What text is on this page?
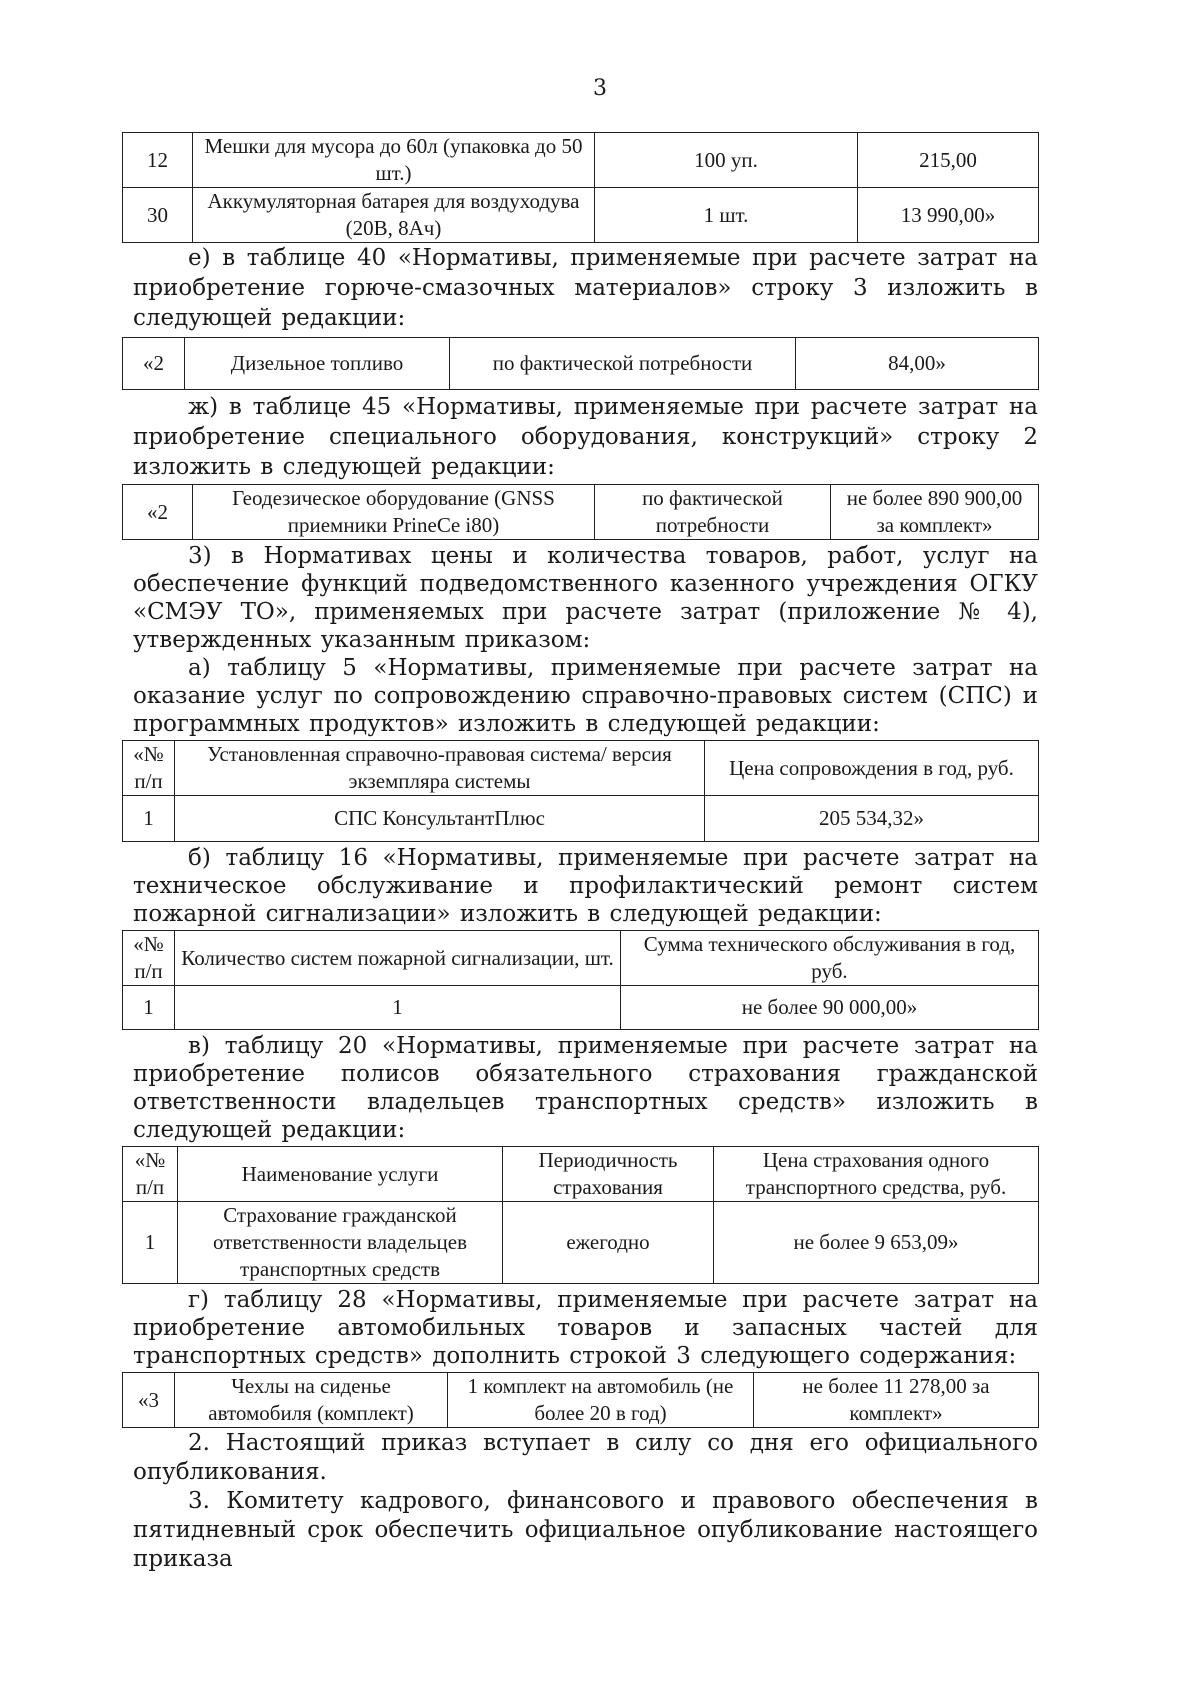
3
12	Мешки для мусора до 60л (упаковка до 50 шт.)	100 уп.	215,00
30	Аккумуляторная батарея для воздуходува (20В, 8Ач)	1 шт.	13 990,00»

е) в таблице 40 «Нормативы, применяемые при расчете затрат на приобретение горюче-смазочных материалов» строку 3 изложить в следующей редакции:

«2	Дизельное топливо	по фактической потребности	84,00»

ж) в таблице 45 «Нормативы, применяемые при расчете затрат на приобретение специального оборудования, конструкций» строку 2 изложить в следующей редакции:

«2	Геодезическое оборудование (GNSS приемники PrineCe i80)	по фактической потребности	не более 890 900,00 за комплект»

3) в Нормативах цены и количества товаров, работ, услуг на обеспечение функций подведомственного казенного учреждения ОГКУ «СМЭУ ТО», применяемых при расчете затрат (приложение № 4), утвержденных указанным приказом:

а) таблицу 5 «Нормативы, применяемые при расчете затрат на оказание услуг по сопровождению справочно-правовых систем (СПС) и программных продуктов» изложить в следующей редакции:

«№ п/п	Установленная справочно-правовая система/ версия экземпляра системы	Цена сопровождения в год, руб.
1	СПС КонсультантПлюс	205 534,32»

б) таблицу 16 «Нормативы, применяемые при расчете затрат на техническое обслуживание и профилактический ремонт систем пожарной сигнализации» изложить в следующей редакции:

«№ п/п	Количество систем пожарной сигнализации, шт.	Сумма технического обслуживания в год, руб.
1	1	не более 90 000,00»

в) таблицу 20 «Нормативы, применяемые при расчете затрат на приобретение полисов обязательного страхования гражданской ответственности владельцев транспортных средств» изложить в следующей редакции:

«№ п/п	Наименование услуги	Периодичность страхования	Цена страхования одного транспортного средства, руб.
1	Страхование гражданской ответственности владельцев транспортных средств	ежегодно	не более 9 653,09»

г) таблицу 28 «Нормативы, применяемые при расчете затрат на приобретение автомобильных товаров и запасных частей для транспортных средств» дополнить строкой 3 следующего содержания:

«3	Чехлы на сиденье автомобиля (комплект)	1 комплект на автомобиль (не более 20 в год)	не более 11 278,00 за комплект»

2. Настоящий приказ вступает в силу со дня его официального опубликования.

3. Комитету кадрового, финансового и правового обеспечения в пятидневный срок обеспечить официальное опубликование настоящего приказа
